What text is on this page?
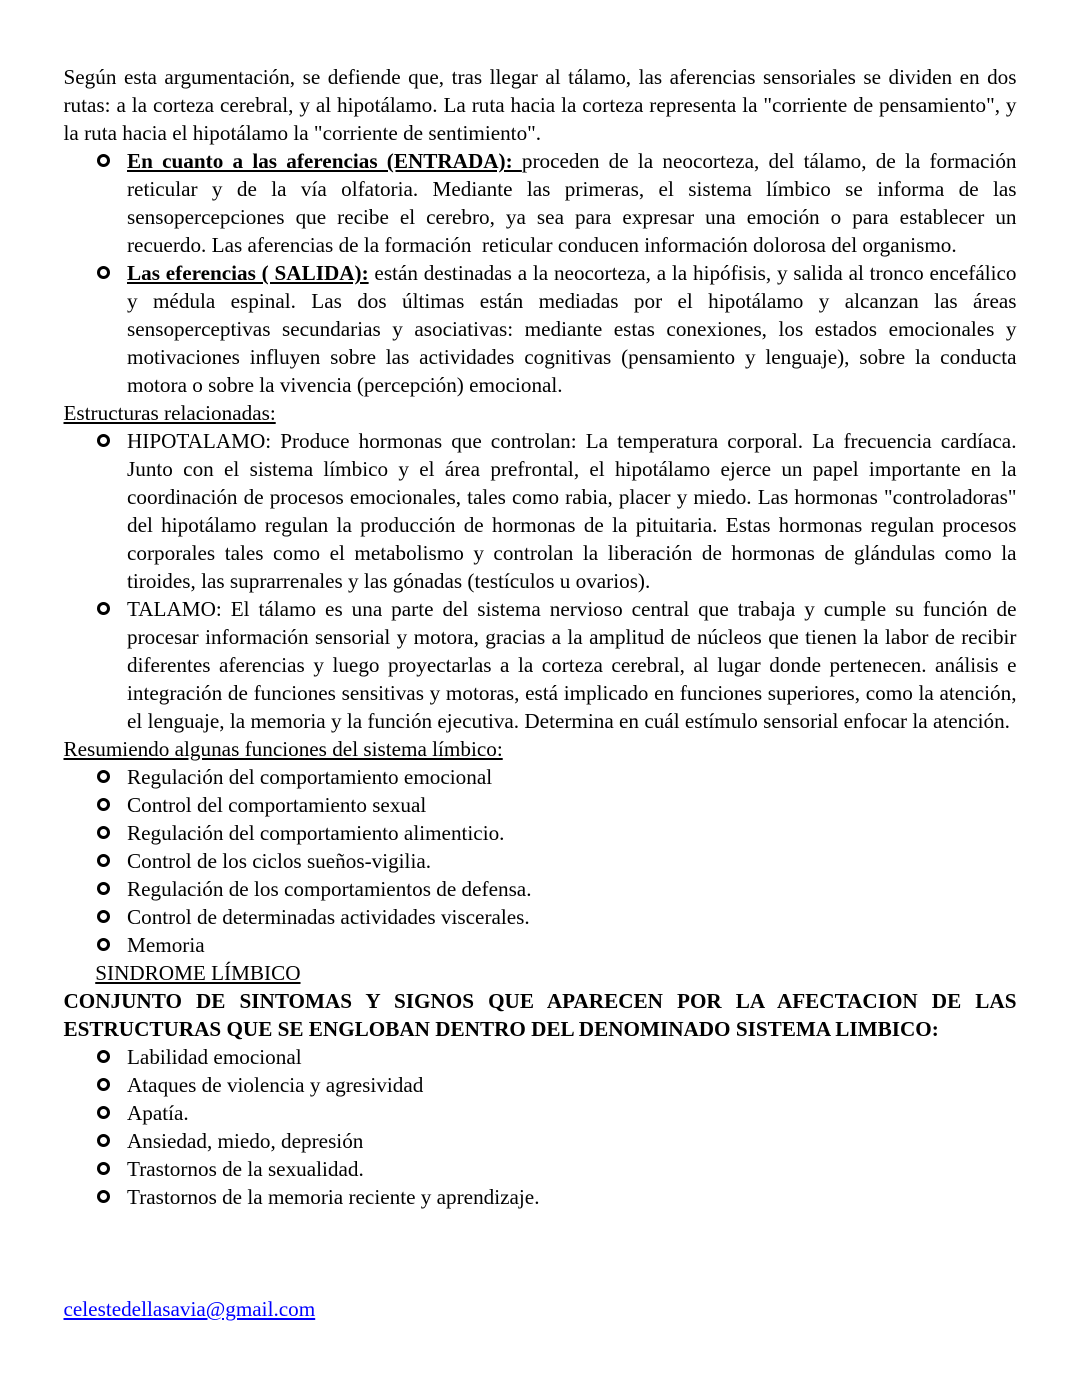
Según esta argumentación, se defiende que, tras llegar al tálamo, las aferencias sensoriales se dividen en dos
rutas: a la corteza cerebral, y al hipotálamo. La ruta hacia la corteza representa la "corriente de pensamiento", y
la ruta hacia el hipotálamo la "corriente de sentimiento".
En cuanto a las aferencias (ENTRADA): proceden de la neocorteza, del tálamo, de la formación
reticular y de la vía olfatoria. Mediante las primeras, el sistema límbico se informa de las
sensopercepciones que recibe el cerebro, ya sea para expresar una emoción o para establecer un
recuerdo. Las aferencias de la formación  reticular conducen información dolorosa del organismo.
Las eferencias ( SALIDA): están destinadas a la neocorteza, a la hipófisis, y salida al tronco encefálico
y médula espinal. Las dos últimas están mediadas por el hipotálamo y alcanzan las áreas
sensoperceptivas secundarias y asociativas: mediante estas conexiones, los estados emocionales y
motivaciones influyen sobre las actividades cognitivas (pensamiento y lenguaje), sobre la conducta
motora o sobre la vivencia (percepción) emocional.
Estructuras relacionadas:
HIPOTALAMO: Produce hormonas que controlan: La temperatura corporal. La frecuencia cardíaca.
Junto con el sistema límbico y el área prefrontal, el hipotálamo ejerce un papel importante en la
coordinación de procesos emocionales, tales como rabia, placer y miedo. Las hormonas "controladoras"
del hipotálamo regulan la producción de hormonas de la pituitaria. Estas hormonas regulan procesos
corporales tales como el metabolismo y controlan la liberación de hormonas de glándulas como la
tiroides, las suprarrenales y las gónadas (testículos u ovarios).
TALAMO: El tálamo es una parte del sistema nervioso central que trabaja y cumple su función de
procesar información sensorial y motora, gracias a la amplitud de núcleos que tienen la labor de recibir
diferentes aferencias y luego proyectarlas a la corteza cerebral, al lugar donde pertenecen. análisis e
integración de funciones sensitivas y motoras, está implicado en funciones superiores, como la atención,
el lenguaje, la memoria y la función ejecutiva. Determina en cuál estímulo sensorial enfocar la atención.
Resumiendo algunas funciones del sistema límbico:
Regulación del comportamiento emocional
Control del comportamiento sexual
Regulación del comportamiento alimenticio.
Control de los ciclos sueños-vigilia.
Regulación de los comportamientos de defensa.
Control de determinadas actividades viscerales.
Memoria
SINDROME LÍMBICO
CONJUNTO DE SINTOMAS Y SIGNOS QUE APARECEN POR LA AFECTACION DE LAS
ESTRUCTURAS QUE SE ENGLOBAN DENTRO DEL DENOMINADO SISTEMA LIMBICO:
Labilidad emocional
Ataques de violencia y agresividad
Apatía.
Ansiedad, miedo, depresión
Trastornos de la sexualidad.
Trastornos de la memoria reciente y aprendizaje.
celestedellasavia@gmail.com
